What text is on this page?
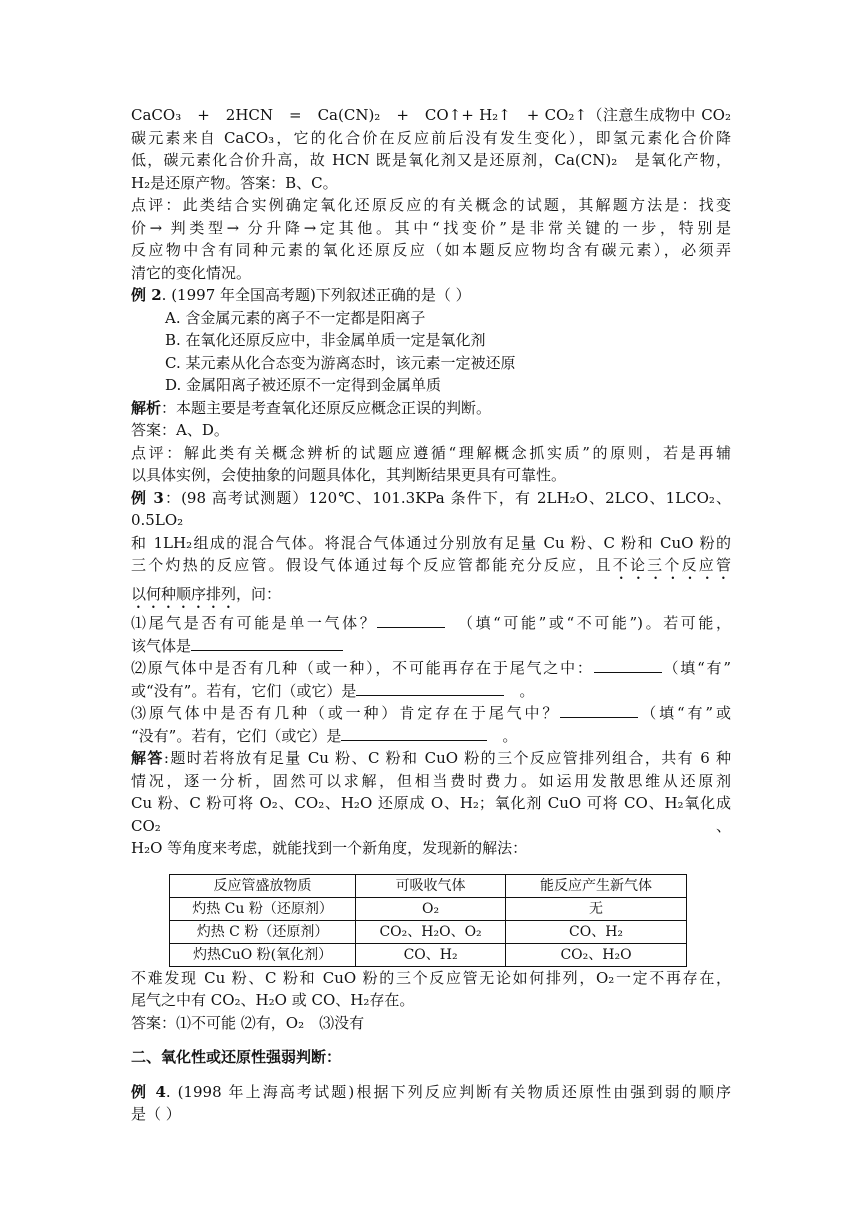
CaCO₃　+　2HCN　=　Ca(CN)₂　+　CO↑+ H₂↑　+ CO₂↑（注意生成物中 CO₂

碳元素来自 CaCO₃，它的化合价在反应前后没有发生变化），即氢元素化合价降

低，碳元素化合价升高，故 HCN 既是氧化剂又是还原剂，Ca(CN)₂　是氧化产物，

H₂是还原产物。答案：B、C。

点评：此类结合实例确定氧化还原反应的有关概念的试题，其解题方法是：找变

价→ 判类型→ 分升降→定其他。其中“找变价”是非常关键的一步，特别是

反应物中含有同种元素的氧化还原反应（如本题反应物均含有碳元素），必须弄

清它的变化情况。

例 2. (1997 年全国高考题)下列叙述正确的是（ ）

A. 含金属元素的离子不一定都是阳离子

B. 在氧化还原反应中，非金属单质一定是氧化剂

C. 某元素从化合态变为游离态时，该元素一定被还原

D. 金属阳离子被还原不一定得到金属单质

解析：本题主要是考查氧化还原反应概念正误的判断。

答案：A、D。

点评：解此类有关概念辨析的试题应遵循“理解概念抓实质”的原则，若是再辅

以具体实例，会使抽象的问题具体化，其判断结果更具有可靠性。

例 3：(98 高考试测题）120℃、101.3KPa 条件下，有 2LH₂O、2LCO、1LCO₂、0.5LO₂

和 1LH₂组成的混合气体。将混合气体通过分别放有足量 Cu 粉、C 粉和 CuO 粉的

三个灼热的反应管。假设气体通过每个反应管都能充分反应，且不论三个反应管

以何种顺序排列，问：

⑴尾气是否有可能是单一气体？	　（填“可能”或“不可能”)。若可能，

该气体是

⑵原气体中是否有几种（或一种），不可能再存在于尾气之中：	（填“有”

或“没有”。若有，它们（或它）是	　。

⑶原气体中是否有几种（或一种）肯定存在于尾气中？	（填“有”或

“没有”。若有，它们（或它）是	　。

解答:题时若将放有足量 Cu 粉、C 粉和 CuO 粉的三个反应管排列组合，共有 6 种

情况，逐一分析，固然可以求解，但相当费时费力。如运用发散思维从还原剂

Cu 粉、C 粉可将 O₂、CO₂、H₂O 还原成 O、H₂；氧化剂 CuO 可将 CO、H₂氧化成 CO₂、

H₂O 等角度来考虑，就能找到一个新角度，发现新的解法：

反应管盛放物质	可吸收气体	能反应产生新气体
灼热 Cu 粉（还原剂）	O₂	无
灼热 C 粉（还原剂）	CO₂、H₂O、O₂	CO、H₂
灼热CuO 粉(氧化剂）	CO、H₂	CO₂、H₂O

不难发现 Cu 粉、C 粉和 CuO 粉的三个反应管无论如何排列，O₂一定不再存在，

尾气之中有 CO₂、H₂O 或 CO、H₂存在。

答案：⑴不可能 ⑵有，O₂　⑶没有

二、氧化性或还原性强弱判断：

例 4. (1998 年上海高考试题)根据下列反应判断有关物质还原性由强到弱的顺序

是（ ）
